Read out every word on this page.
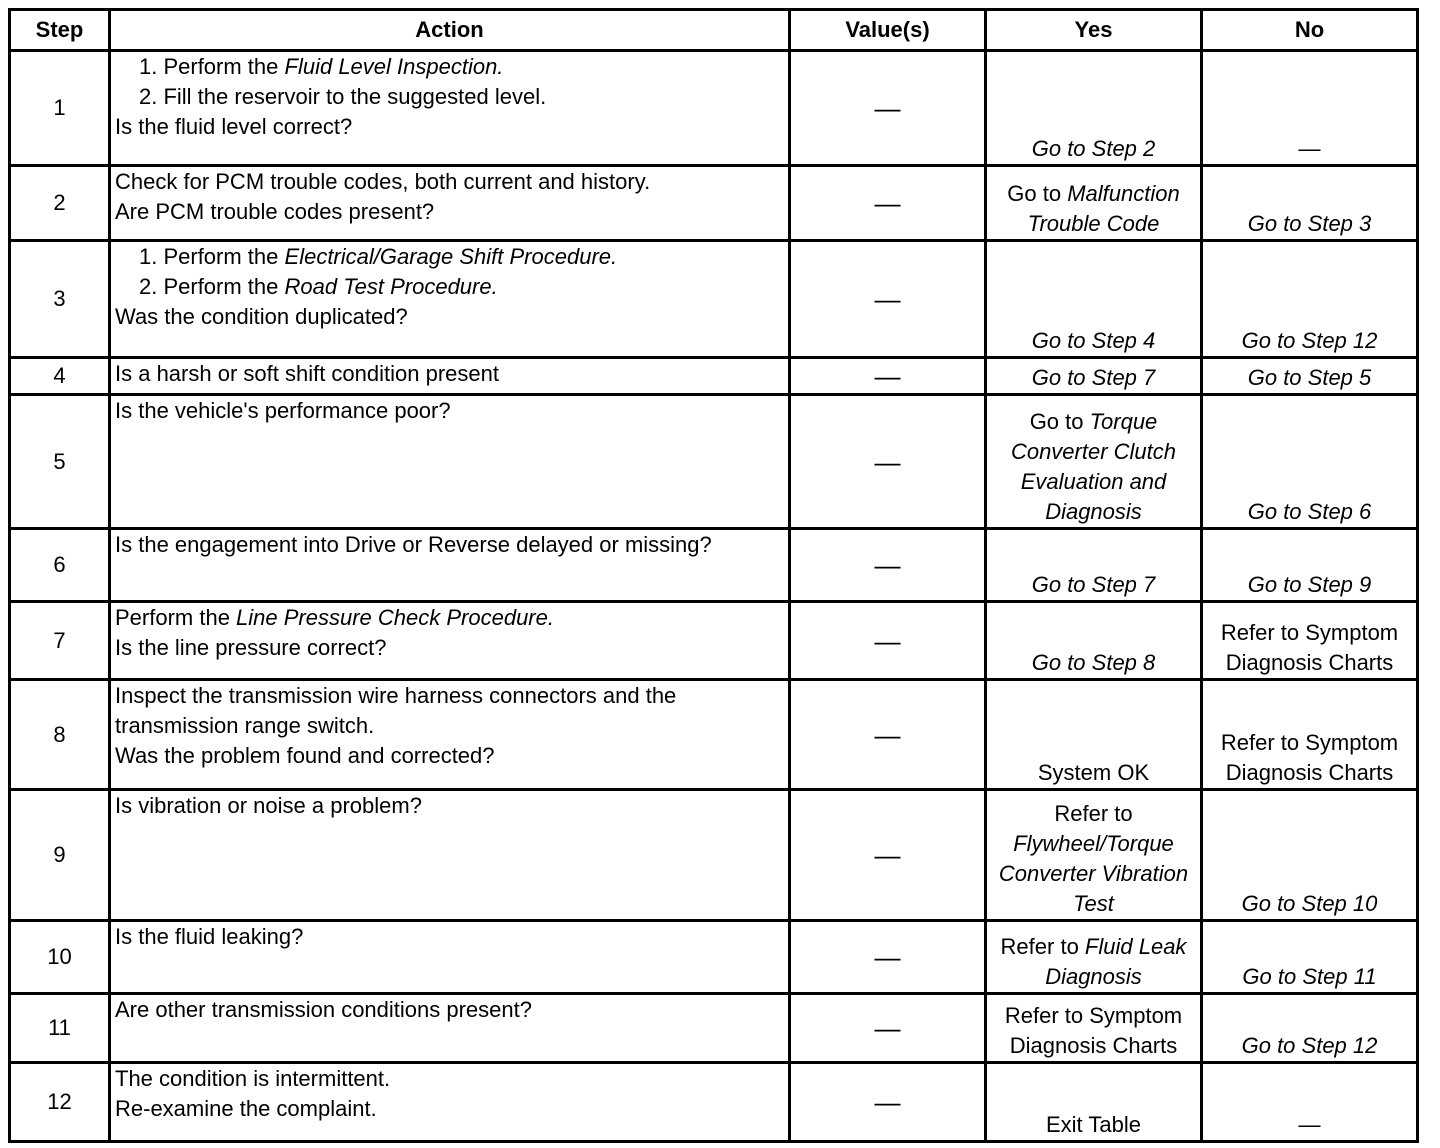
Step	Action	Value(s)	Yes	No
1	1. Perform the Fluid Level Inspection.
2. Fill the reservoir to the suggested level.
Is the fluid level correct?	—	Go to Step 2	—

2	Check for PCM trouble codes, both current and history.
Are PCM trouble codes present?	—	Go to Malfunction Trouble Code	Go to Step 3

3	1. Perform the Electrical/Garage Shift Procedure.
2. Perform the Road Test Procedure.
Was the condition duplicated?	—	Go to Step 4	Go to Step 12

4	Is a harsh or soft shift condition present	—	Go to Step 7	Go to Step 5

5	Is the vehicle's performance poor?	—	Go to Torque Converter Clutch Evaluation and Diagnosis	Go to Step 6

6	Is the engagement into Drive or Reverse delayed or missing?	—	Go to Step 7	Go to Step 9

7	Perform the Line Pressure Check Procedure.
Is the line pressure correct?	—	Go to Step 8	Refer to Symptom Diagnosis Charts

8	Inspect the transmission wire harness connectors and the transmission range switch.
Was the problem found and corrected?	—	System OK	Refer to Symptom Diagnosis Charts

9	Is vibration or noise a problem?	—	Refer to Flywheel/Torque Converter Vibration Test	Go to Step 10

10	Is the fluid leaking?	—	Refer to Fluid Leak Diagnosis	Go to Step 11

11	Are other transmission conditions present?	—	Refer to Symptom Diagnosis Charts	Go to Step 12

12	The condition is intermittent.
Re-examine the complaint.	—	Exit Table	—
